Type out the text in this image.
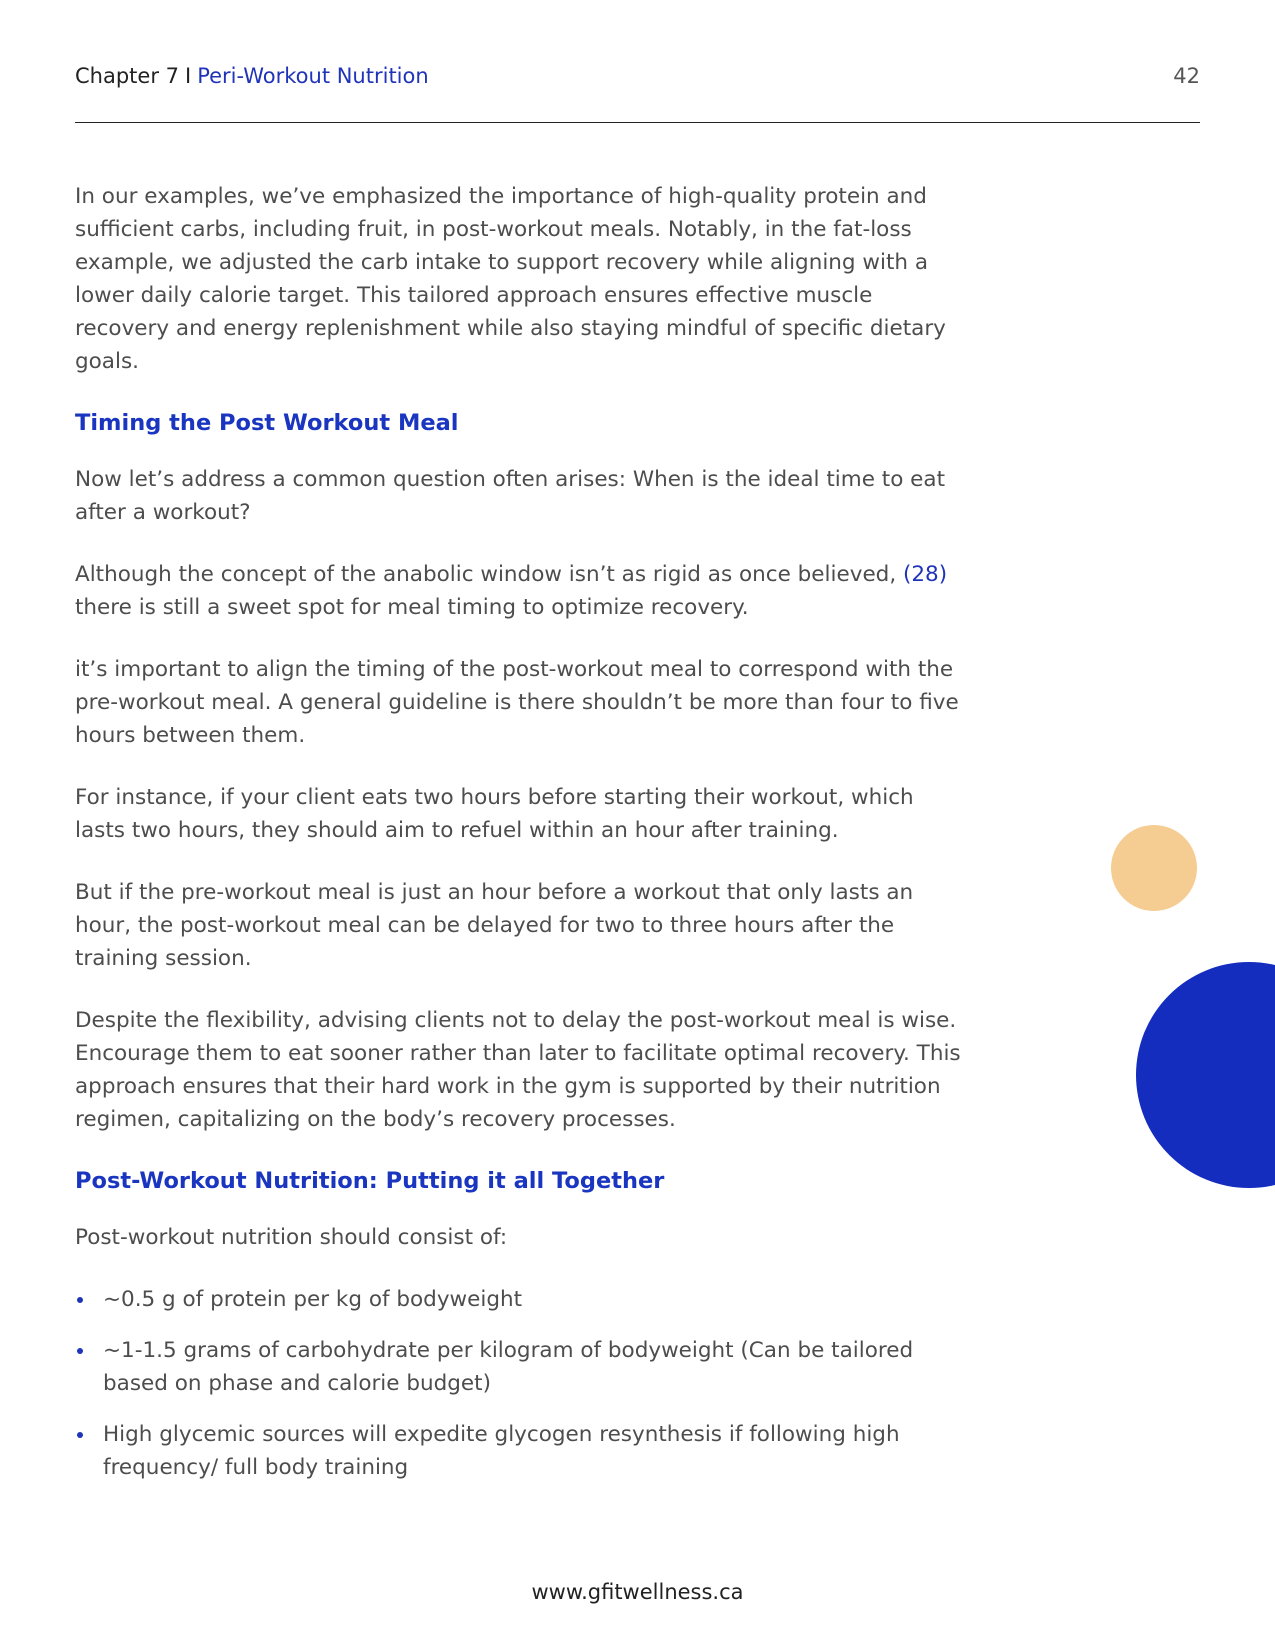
Chapter 7 I Peri-Workout Nutrition	42

In our examples, we’ve emphasized the importance of high-quality protein and sufficient carbs, including fruit, in post-workout meals. Notably, in the fat-loss example, we adjusted the carb intake to support recovery while aligning with a lower daily calorie target. This tailored approach ensures effective muscle recovery and energy replenishment while also staying mindful of specific dietary goals.

Timing the Post Workout Meal

Now let’s address a common question often arises: When is the ideal time to eat after a workout?

Although the concept of the anabolic window isn’t as rigid as once believed, (28) there is still a sweet spot for meal timing to optimize recovery.

it’s important to align the timing of the post-workout meal to correspond with the pre-workout meal. A general guideline is there shouldn’t be more than four to five hours between them.

For instance, if your client eats two hours before starting their workout, which lasts two hours, they should aim to refuel within an hour after training.

But if the pre-workout meal is just an hour before a workout that only lasts an hour, the post-workout meal can be delayed for two to three hours after the training session.

Despite the flexibility, advising clients not to delay the post-workout meal is wise. Encourage them to eat sooner rather than later to facilitate optimal recovery. This approach ensures that their hard work in the gym is supported by their nutrition regimen, capitalizing on the body’s recovery processes.

Post-Workout Nutrition: Putting it all Together

Post-workout nutrition should consist of:

~0.5 g of protein per kg of bodyweight
~1-1.5 grams of carbohydrate per kilogram of bodyweight (Can be tailored based on phase and calorie budget)
High glycemic sources will expedite glycogen resynthesis if following high frequency/ full body training
www.gfitwellness.ca
